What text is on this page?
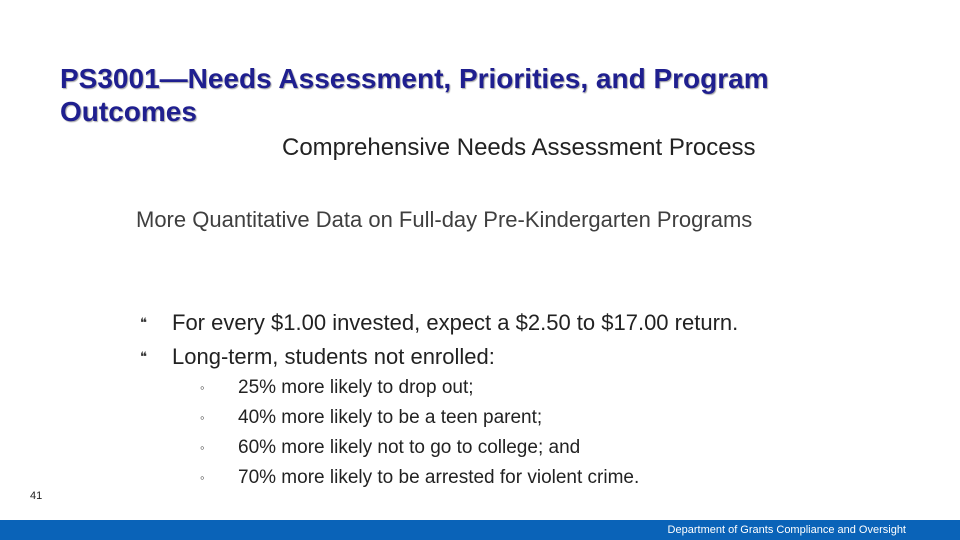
PS3001—Needs Assessment, Priorities, and Program Outcomes
Comprehensive Needs Assessment Process

More Quantitative Data on Full-day Pre-Kindergarten Programs

❝	For every $1.00 invested, expect a $2.50 to $17.00 return.
❝	Long-term, students not enrolled:
◦	25% more likely to drop out;
◦	40% more likely to be a teen parent;
◦	60% more likely not to go to college; and
◦	70% more likely to be arrested for violent crime.
41
Department of Grants Compliance and Oversight
